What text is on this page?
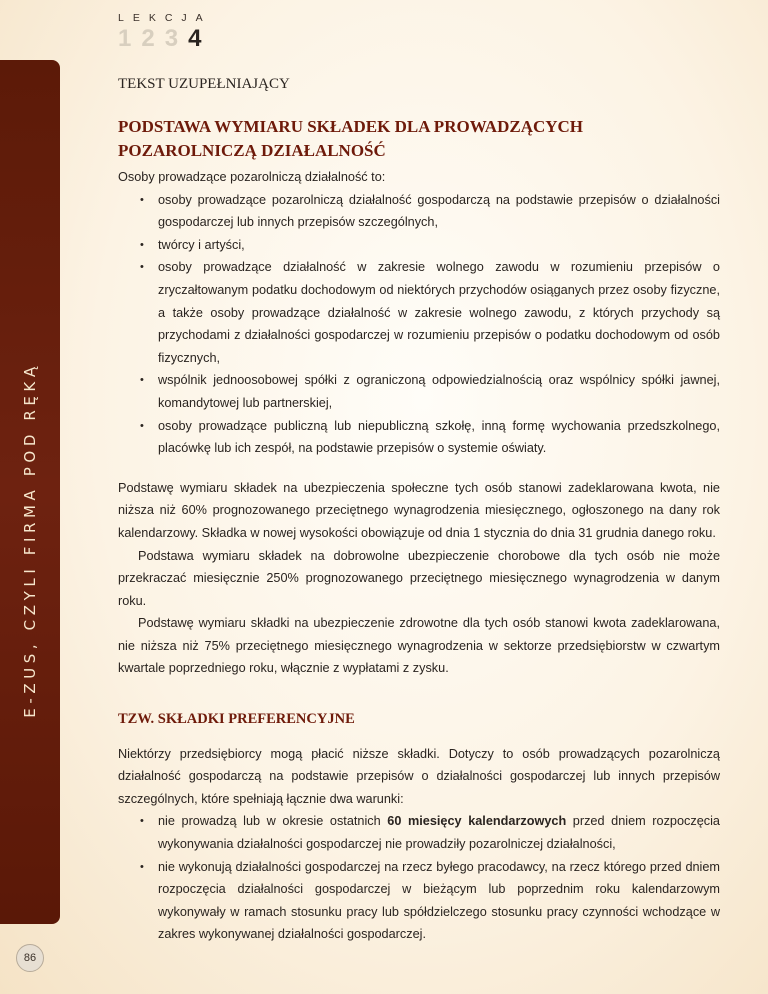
E-ZUS, CZYLI FIRMA POD RĘKĄ
86
LEKCJA
1 2 3 4
TEKST UZUPEŁNIAJĄCY
PODSTAWA WYMIARU SKŁADEK DLA PROWADZĄCYCH
POZAROLNICZĄ DZIAŁALNOŚĆ

Osoby prowadzące pozarolniczą działalność to:

• osoby prowadzące pozarolniczą działalność gospodarczą na podstawie przepisów o działalności gospodarczej lub innych przepisów szczególnych,
• twórcy i artyści,
• osoby prowadzące działalność w zakresie wolnego zawodu w rozumieniu przepisów o zryczałtowanym podatku dochodowym od niektórych przychodów osiąganych przez osoby fizyczne, a także osoby prowadzące działalność w zakresie wolnego zawodu, z których przychody są przychodami z działalności gospodarczej w rozumieniu przepisów o podatku dochodowym od osób fizycznych,
• wspólnik jednoosobowej spółki z ograniczoną odpowiedzialnością oraz wspólnicy spółki jawnej, komandytowej lub partnerskiej,
• osoby prowadzące publiczną lub niepubliczną szkołę, inną formę wychowania przedszkolnego, placówkę lub ich zespół, na podstawie przepisów o systemie oświaty.

Podstawę wymiaru składek na ubezpieczenia społeczne tych osób stanowi zadeklarowana kwota, nie niższa niż 60% prognozowanego przeciętnego wynagrodzenia miesięcznego, ogłoszonego na dany rok kalendarzowy. Składka w nowej wysokości obowiązuje od dnia 1 stycznia do dnia 31 grudnia danego roku.

Podstawa wymiaru składek na dobrowolne ubezpieczenie chorobowe dla tych osób nie może przekraczać miesięcznie 250% prognozowanego przeciętnego miesięcznego wynagrodzenia w danym roku.

Podstawę wymiaru składki na ubezpieczenie zdrowotne dla tych osób stanowi kwota zadeklarowana, nie niższa niż 75% przeciętnego miesięcznego wynagrodzenia w sektorze przedsiębiorstw w czwartym kwartale poprzedniego roku, włącznie z wypłatami z zysku.

TZW. SKŁADKI PREFERENCYJNE

Niektórzy przedsiębiorcy mogą płacić niższe składki. Dotyczy to osób prowadzących pozarolniczą działalność gospodarczą na podstawie przepisów o działalności gospodarczej lub innych przepisów szczególnych, które spełniają łącznie dwa warunki:

• nie prowadzą lub w okresie ostatnich 60 miesięcy kalendarzowych przed dniem rozpoczęcia wykonywania działalności gospodarczej nie prowadziły pozarolniczej działalności,
• nie wykonują działalności gospodarczej na rzecz byłego pracodawcy, na rzecz którego przed dniem rozpoczęcia działalności gospodarczej w bieżącym lub poprzednim roku kalendarzowym wykonywały w ramach stosunku pracy lub spółdzielczego stosunku pracy czynności wchodzące w zakres wykonywanej działalności gospodarczej.
